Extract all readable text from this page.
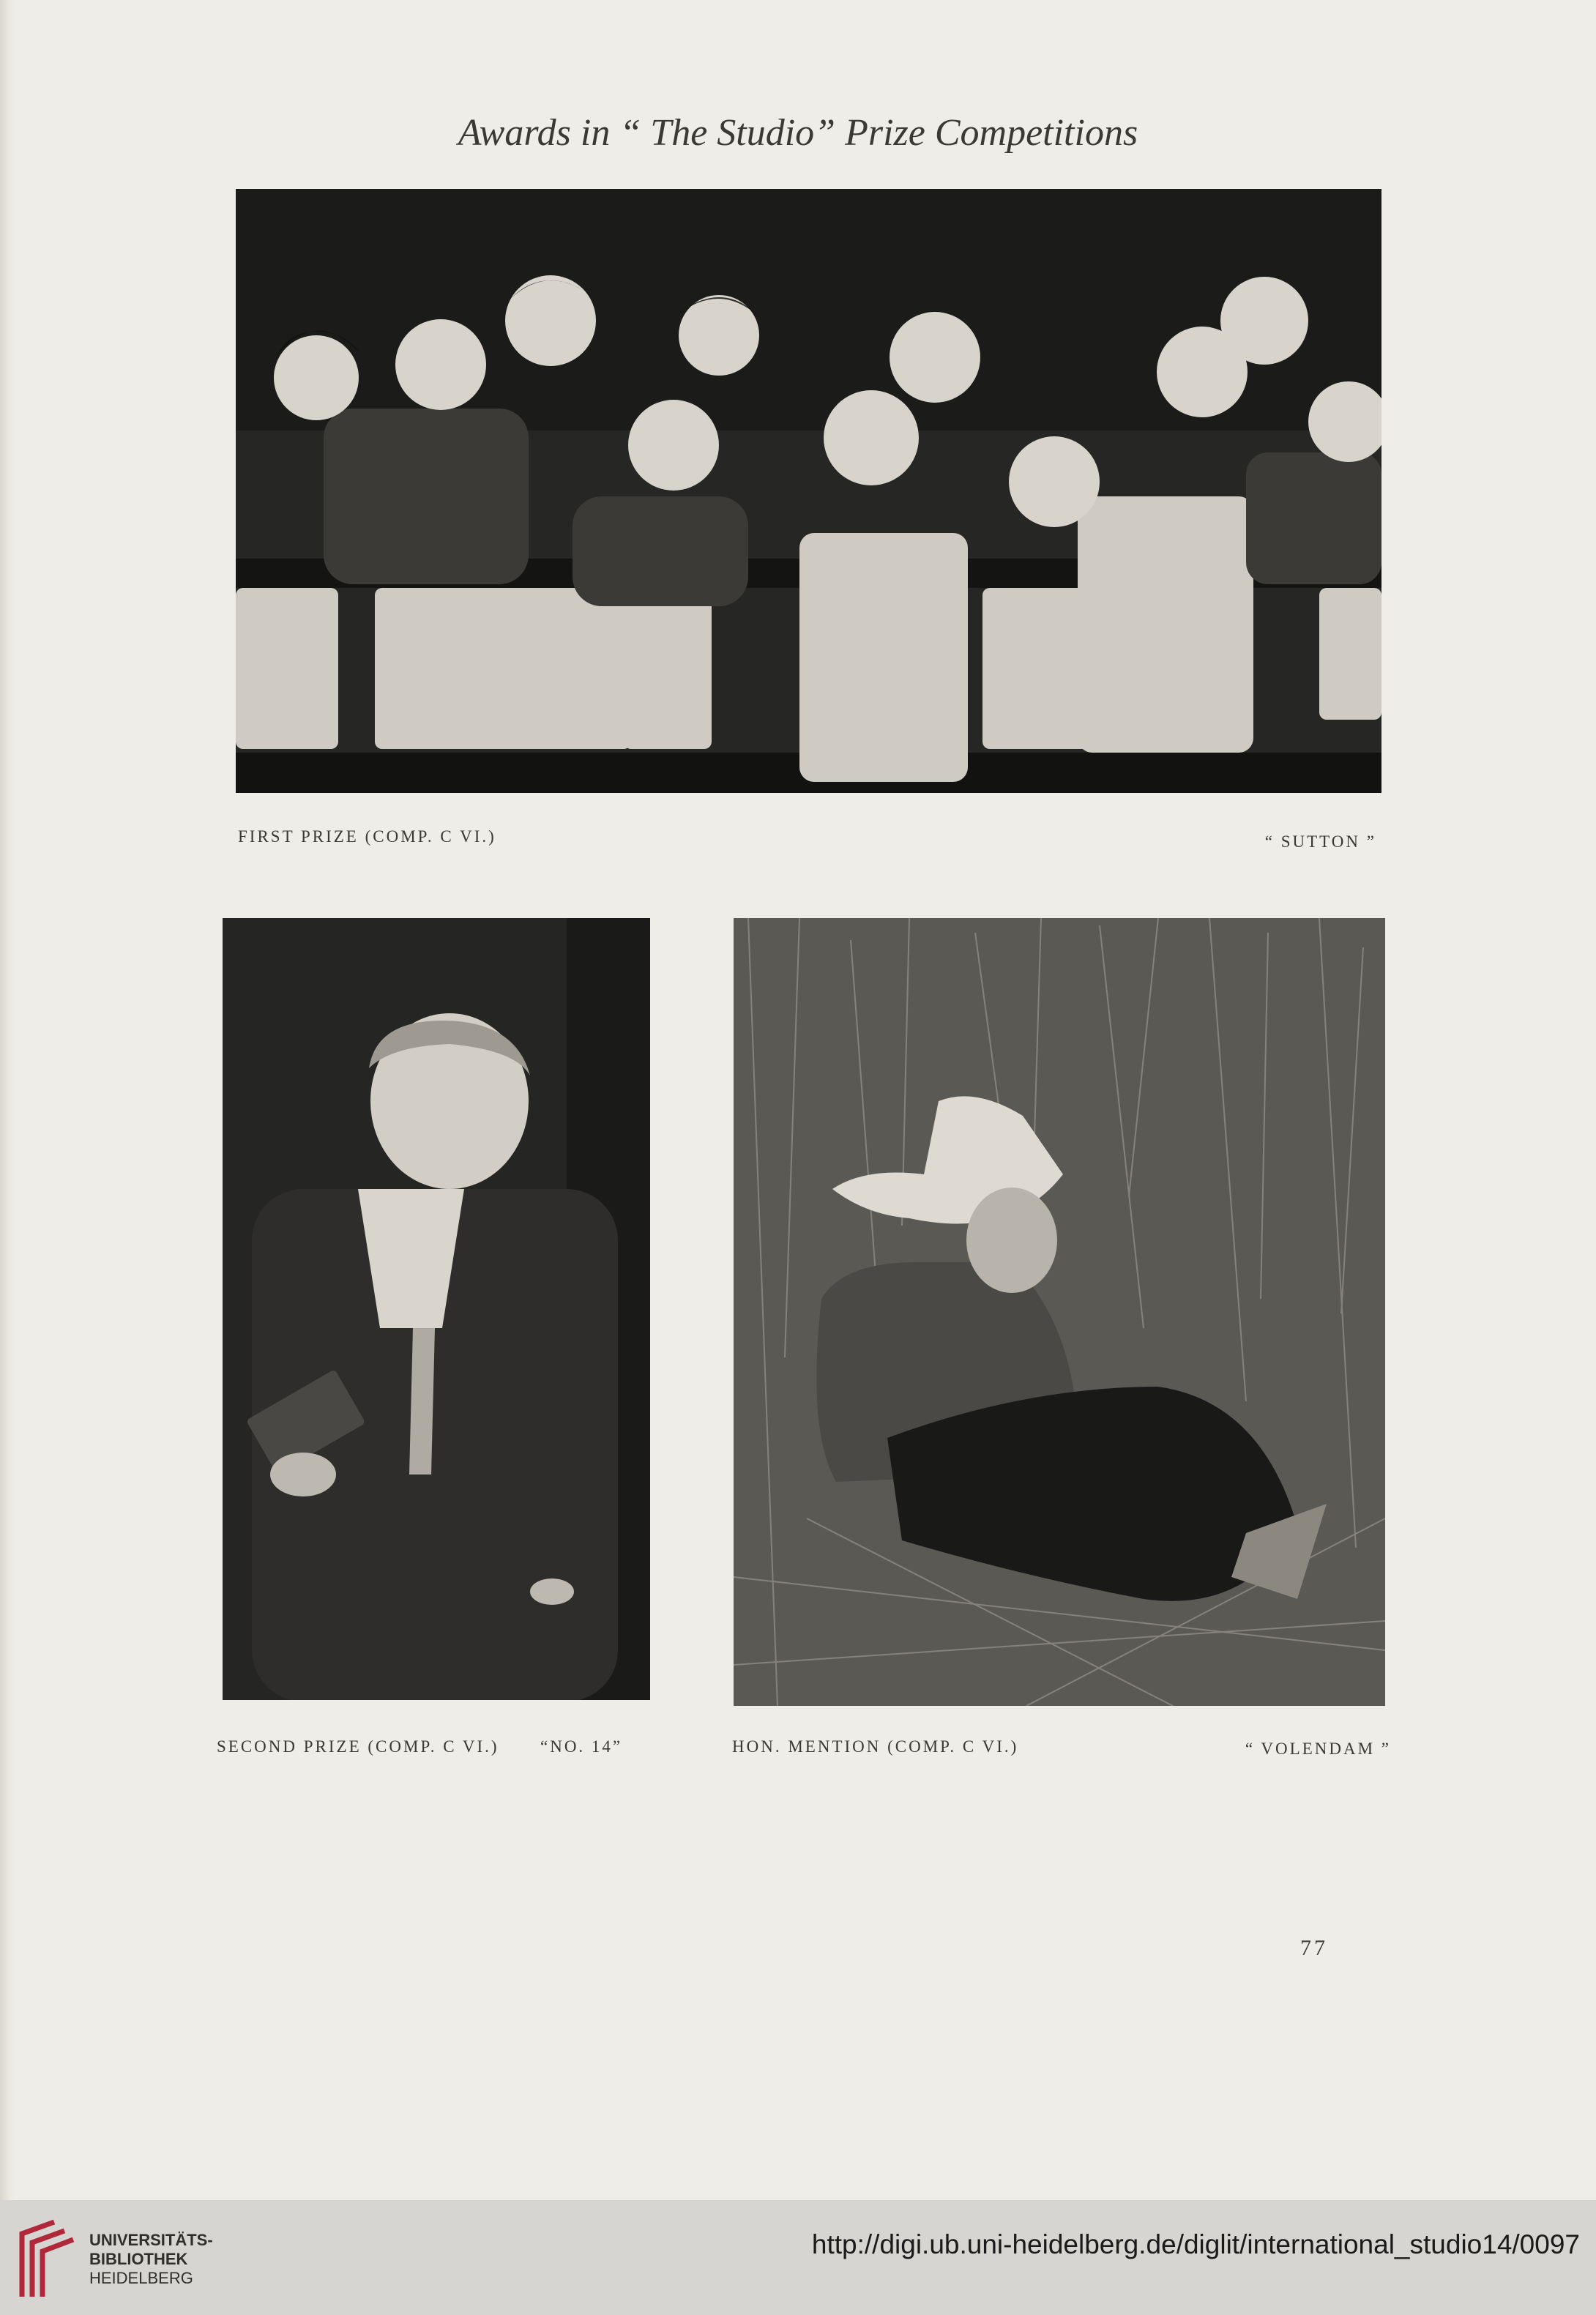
Awards in “ The Studio” Prize Competitions
FIRST PRIZE (COMP. C VI.)	“ SUTTON ”
SECOND PRIZE (COMP. C VI.) “NO. 14”	HON. MENTION (COMP. C VI.)	“ VOLENDAM ”
77
UNIVERSITÄTS-
BIBLIOTHEK
HEIDELBERG
http://digi.ub.uni-heidelberg.de/diglit/international_studio14/0097
